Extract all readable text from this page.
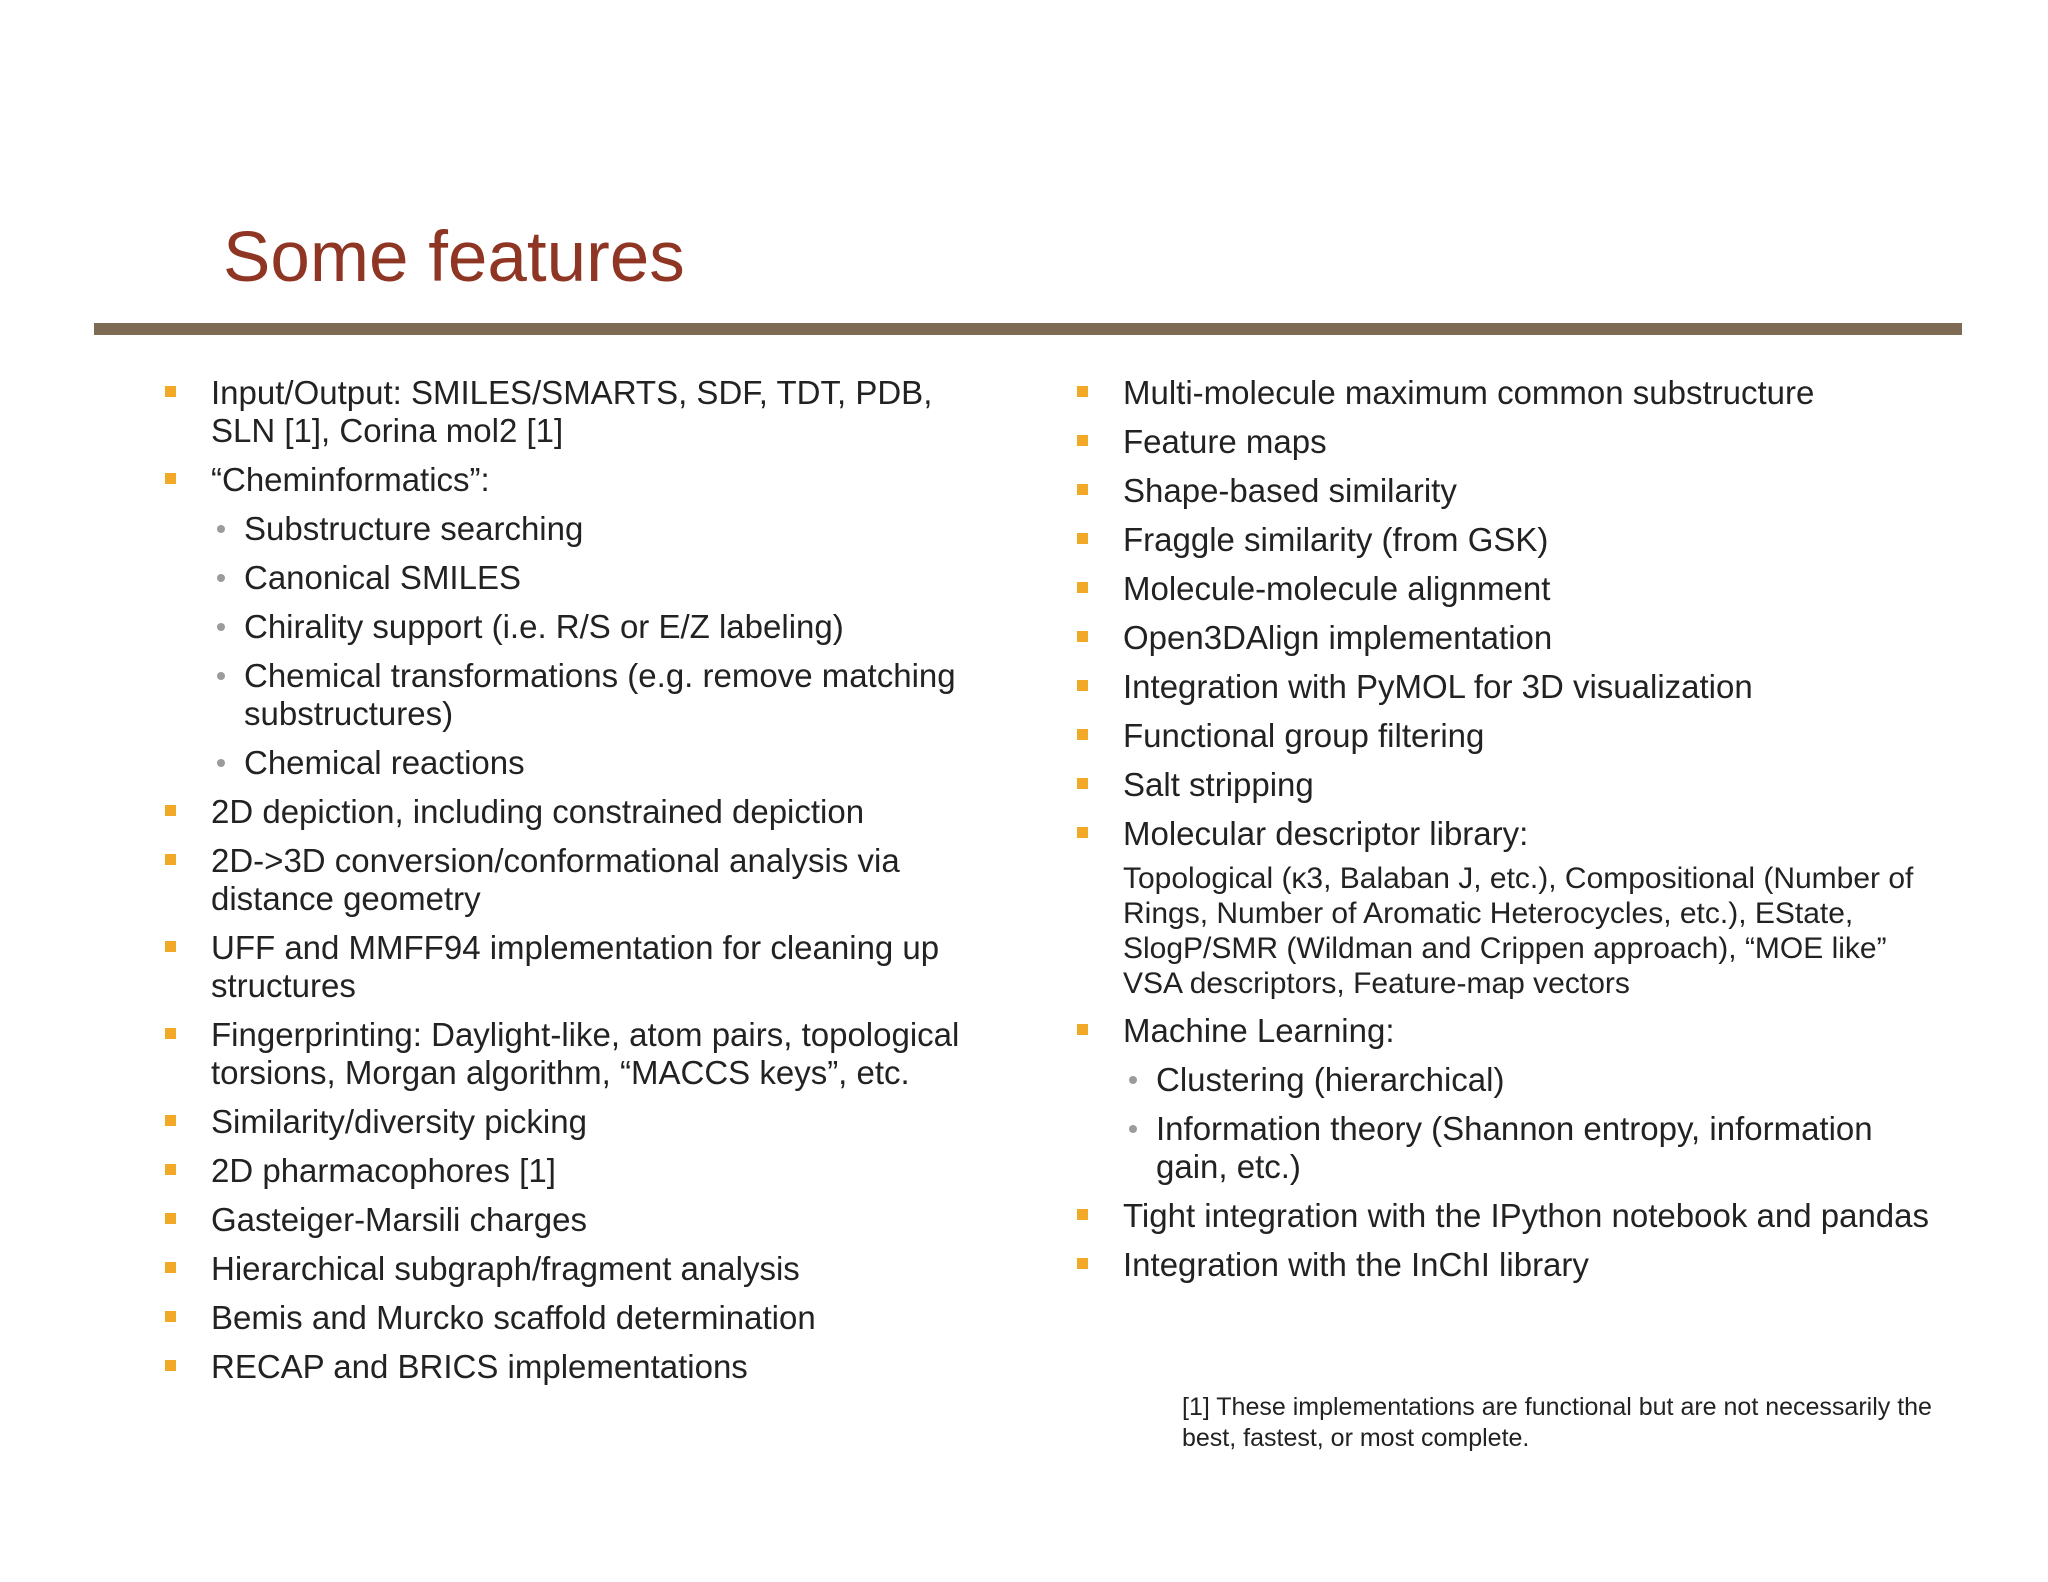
Some features
Input/Output: SMILES/SMARTS, SDF, TDT, PDB, SLN [1], Corina mol2 [1]
“Cheminformatics”:
Substructure searching
Canonical SMILES
Chirality support (i.e. R/S or E/Z labeling)
Chemical transformations (e.g. remove matching substructures)
Chemical reactions
2D depiction, including constrained depiction
2D->3D conversion/conformational analysis via distance geometry
UFF and MMFF94 implementation for cleaning up structures
Fingerprinting: Daylight-like, atom pairs, topological torsions, Morgan algorithm, “MACCS keys”, etc.
Similarity/diversity picking
2D pharmacophores [1]
Gasteiger-Marsili charges
Hierarchical subgraph/fragment analysis
Bemis and Murcko scaffold determination
RECAP and BRICS implementations
Multi-molecule maximum common substructure
Feature maps
Shape-based similarity
Fraggle similarity (from GSK)
Molecule-molecule alignment
Open3DAlign implementation
Integration with PyMOL for 3D visualization
Functional group filtering
Salt stripping
Molecular descriptor library:
Topological (κ3, Balaban J, etc.), Compositional (Number of Rings, Number of Aromatic Heterocycles, etc.), EState, SlogP/SMR (Wildman and Crippen approach), “MOE like” VSA descriptors, Feature-map vectors
Machine Learning:
Clustering (hierarchical)
Information theory (Shannon entropy, information gain, etc.)
Tight integration with the IPython notebook and pandas
Integration with the InChI library

[1] These implementations are functional but are not necessarily the best, fastest, or most complete.
